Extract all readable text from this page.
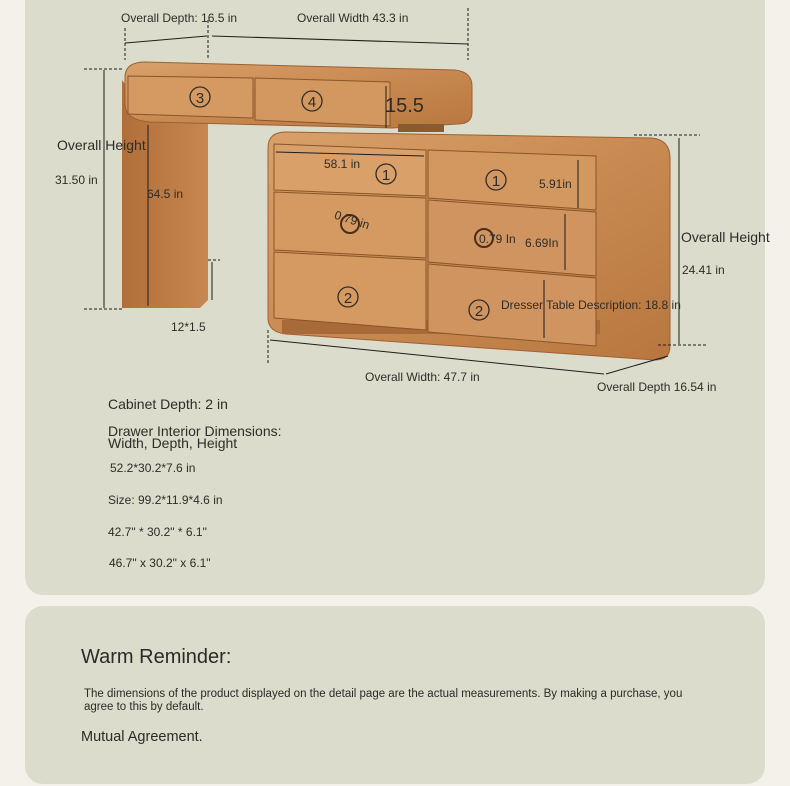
3	4
1	1
2
2
Overall Depth: 16.5 in	Overall Width 43.3 in
15.5
Overall Height
31.50 in
64.5 in
12*1.5
58.1 in
5.91in
0.79 in
0.79 In 6.69In	Overall Height
24.41 in
Dresser Table Description: 18.8 in
Overall Width: 47.7 in
Overall Depth 16.54 in
Cabinet Depth: 2 in
Drawer Interior Dimensions:
Width, Depth, Height
52.2*30.2*7.6 in
Size: 99.2*11.9*4.6 in
42.7" * 30.2" * 6.1"
46.7" x 30.2" x 6.1"
Warm Reminder:
The dimensions of the product displayed on the detail page are the actual measurements. By making a purchase, you agree to this by default.
Mutual Agreement.
